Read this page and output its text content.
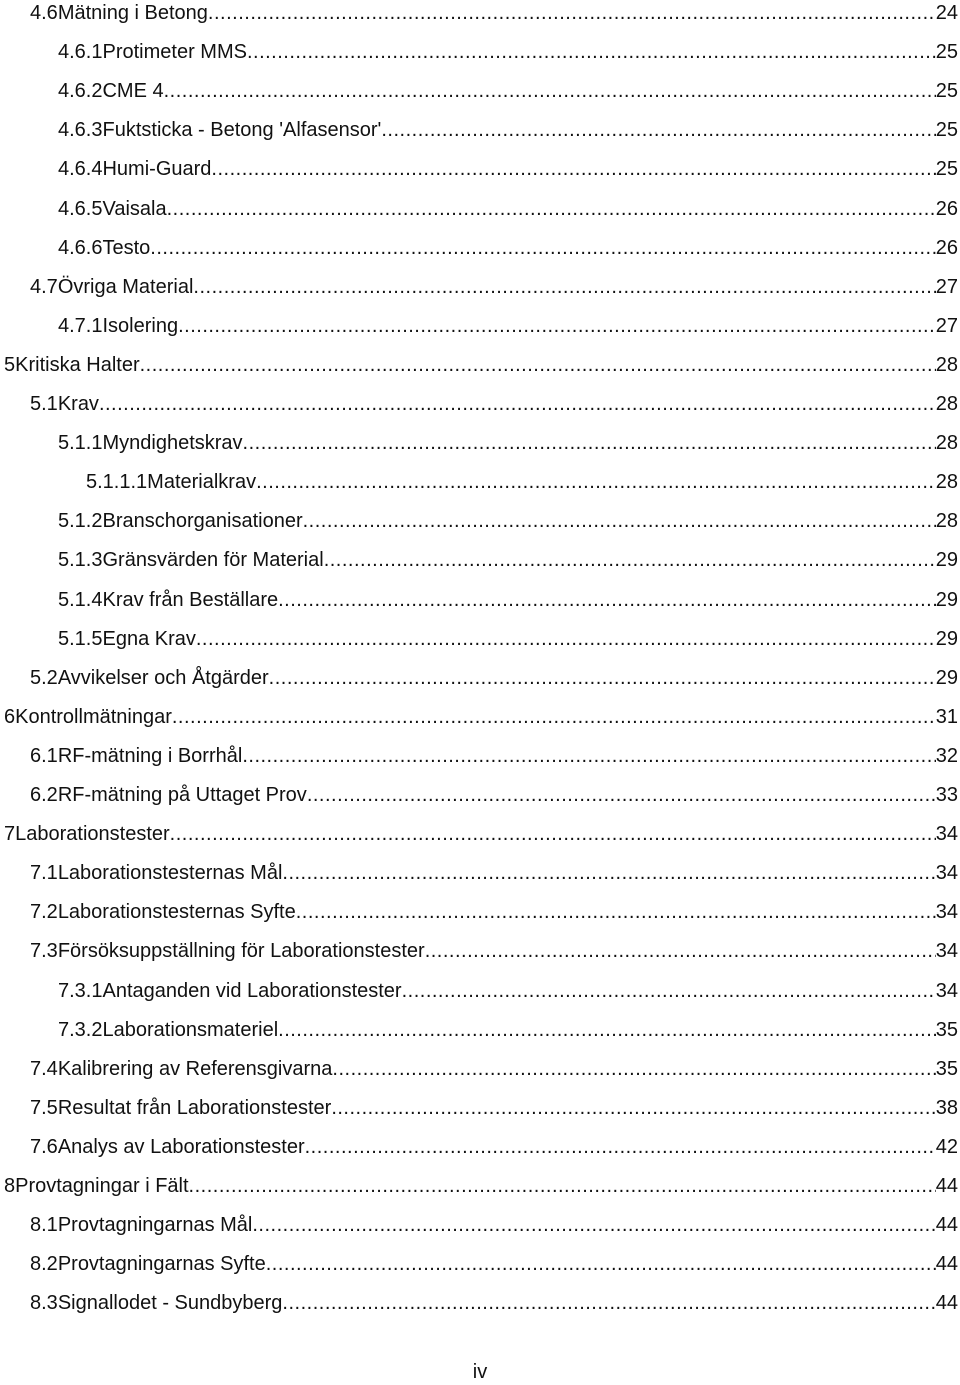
4.6 Mätning i Betong .....	24
4.6.1 Protimeter MMS .....	25
4.6.2 CME 4 .....	25
4.6.3 Fuktsticka - Betong 'Alfasensor' .....	25
4.6.4 Humi-Guard .....	25
4.6.5 Vaisala .....	26
4.6.6 Testo .....	26
4.7 Övriga Material .....	27
4.7.1 Isolering .....	27
5 Kritiska Halter .....	28
5.1 Krav .....	28
5.1.1 Myndighetskrav .....	28
5.1.1.1 Materialkrav .....	28
5.1.2 Branschorganisationer .....	28
5.1.3 Gränsvärden för Material .....	29
5.1.4 Krav från Beställare .....	29
5.1.5 Egna Krav .....	29
5.2 Avvikelser och Åtgärder .....	29
6 Kontrollmätningar .....	31
6.1 RF-mätning i Borrhål .....	32
6.2 RF-mätning på Uttaget Prov .....	33
7 Laborationstester .....	34
7.1 Laborationstesternas Mål .....	34
7.2 Laborationstesternas Syfte .....	34
7.3 Försöksuppställning för Laborationstester .....	34
7.3.1 Antaganden vid Laborationstester .....	34
7.3.2 Laborationsmateriel .....	35
7.4 Kalibrering av Referensgivarna .....	35
7.5 Resultat från Laborationstester .....	38
7.6 Analys av Laborationstester .....	42
8 Provtagningar i Fält .....	44
8.1 Provtagningarnas Mål .....	44
8.2 Provtagningarnas Syfte .....	44
8.3 Signallodet - Sundbyberg .....	44
iv
